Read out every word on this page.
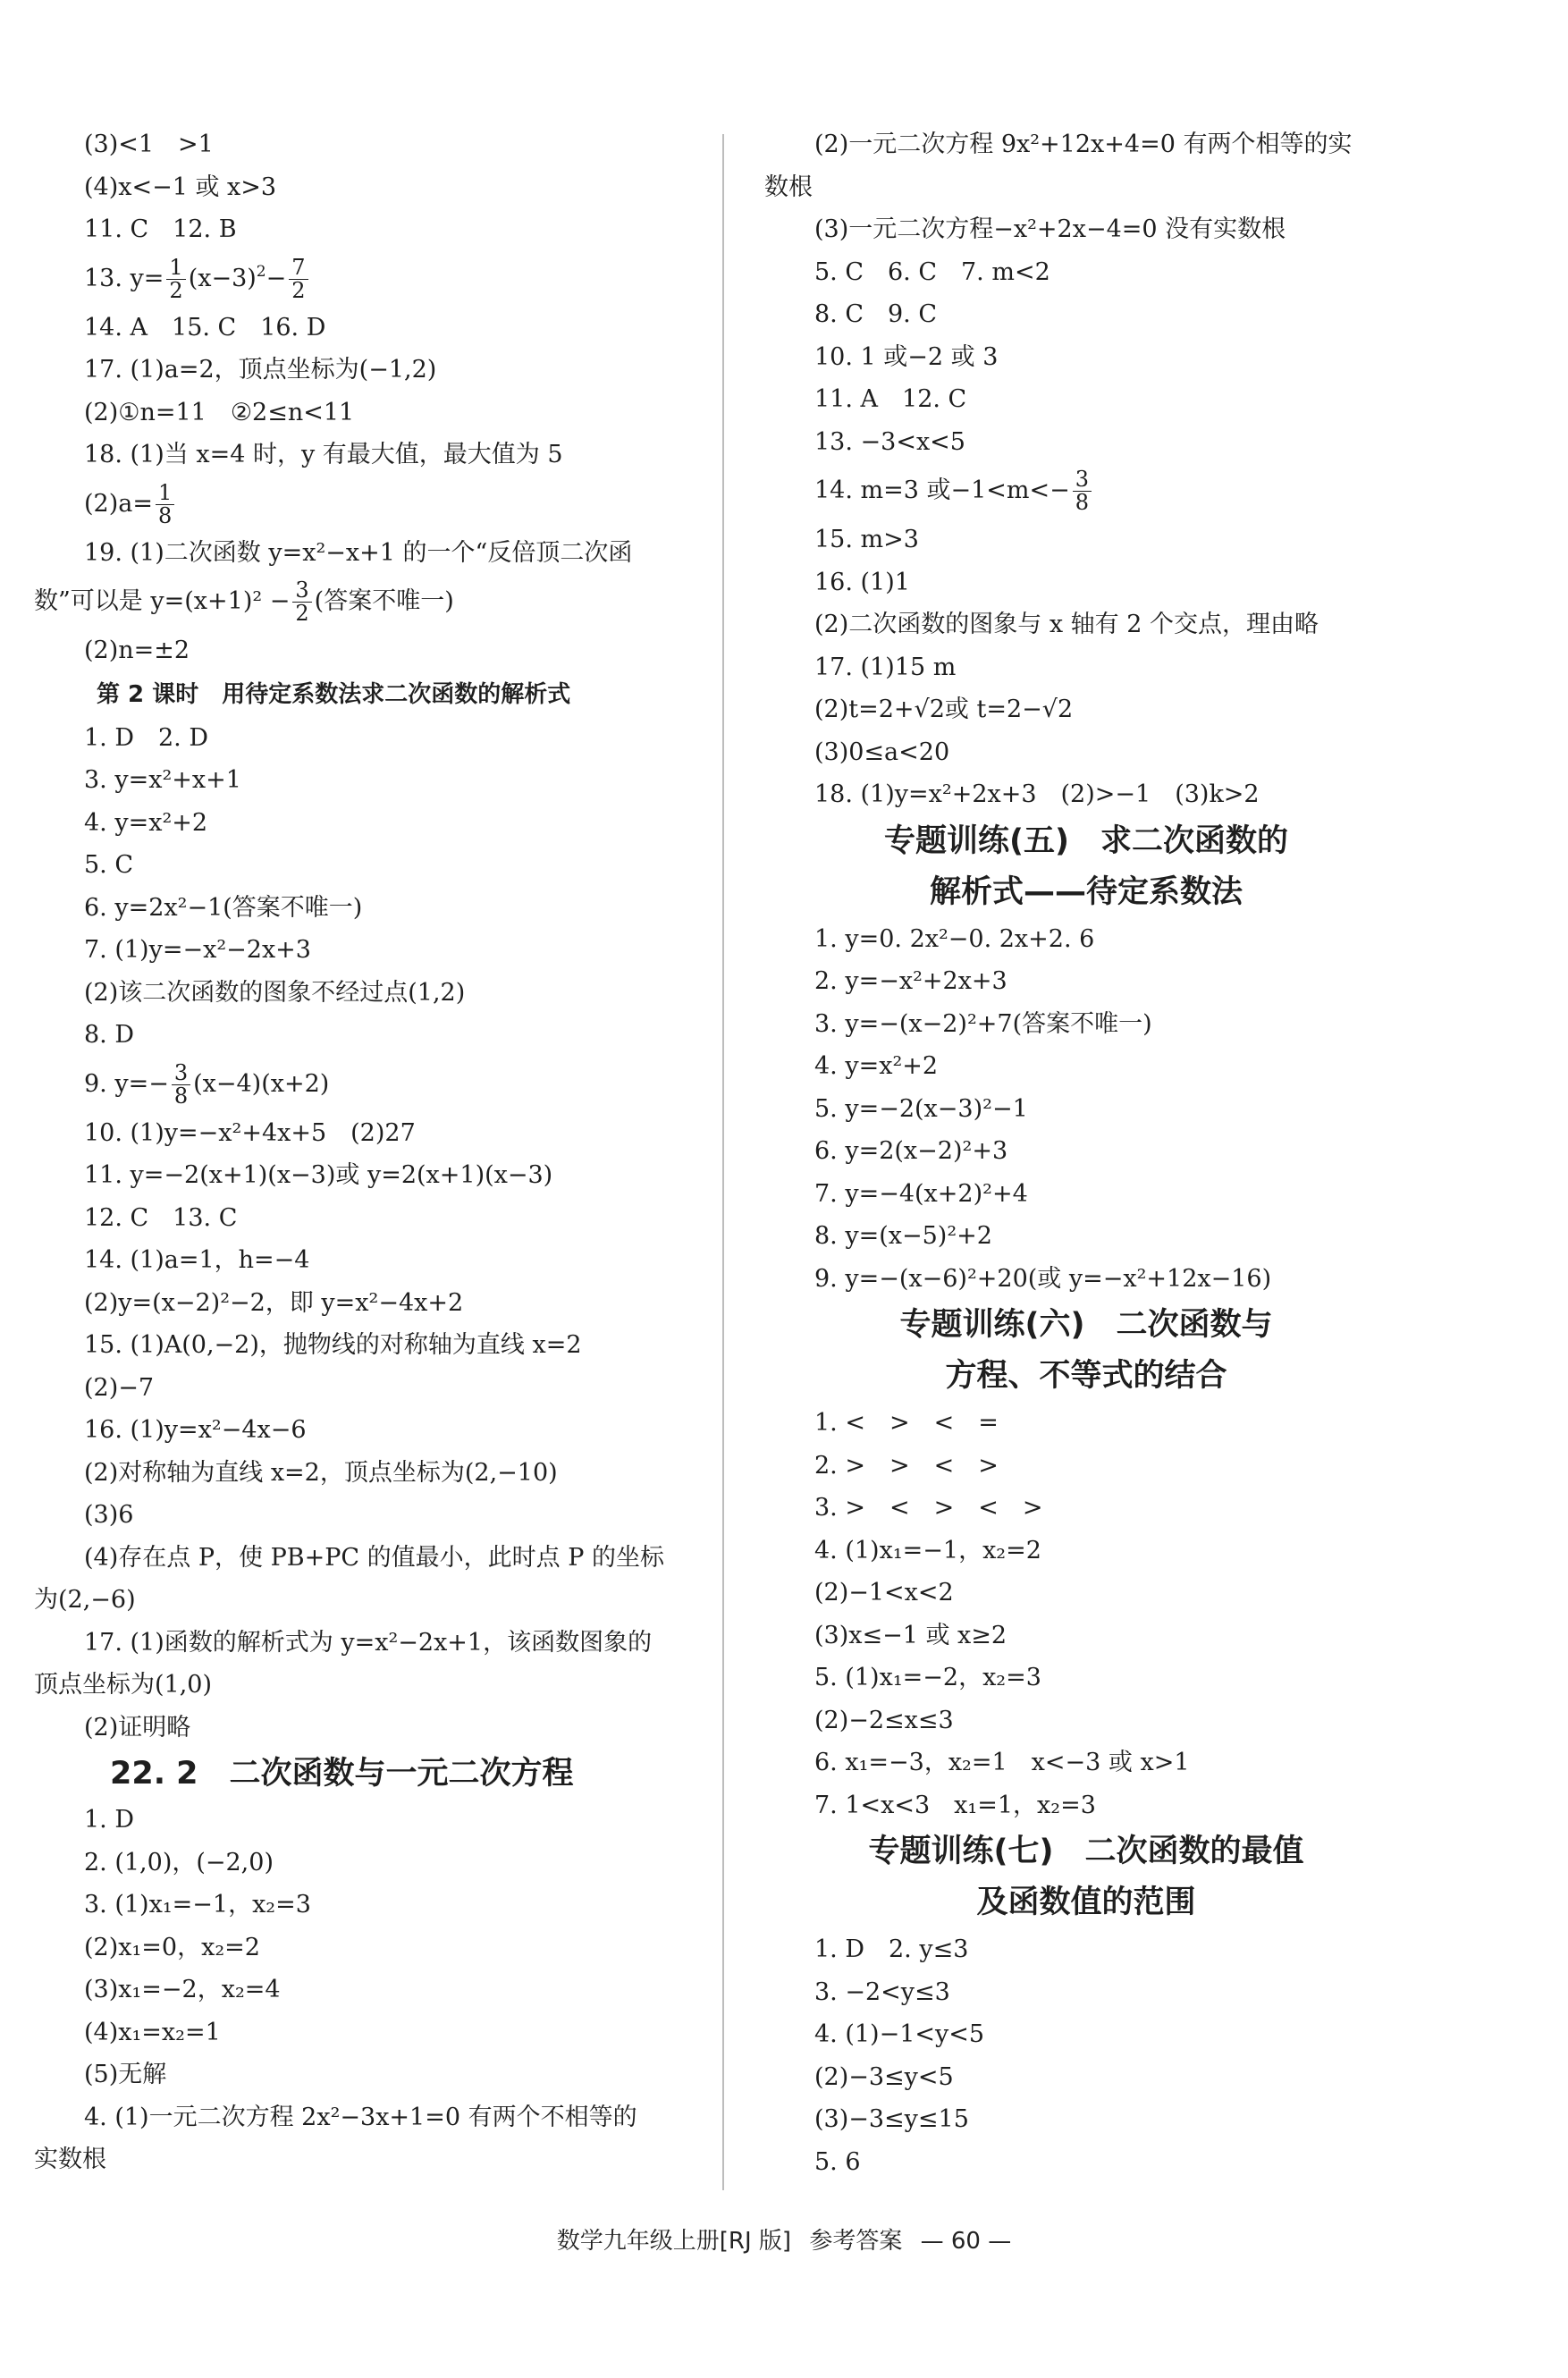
(3)<1　>1
(4)x<−1 或 x>3
11. C　12. B
13. $y= \frac{1}{2} (x-3)^2- \frac{7}{2}$
14. A　15. C　16. D
17. (1)a=2，顶点坐标为(−1,2)
(2)①n=11　②2≤n<11
18. (1)当 x=4 时，y 有最大值，最大值为 5
$(2)a= \frac{1}{8}$
19. (1)二次函数 y=x²−x+1 的一个“反倍顶二次函
数”可以是 $y=(x+1)^2 - \frac{3}{2}$ (答案不唯一)
(2)n=±2
第 2 课时　用待定系数法求二次函数的解析式
1. D　2. D
3. y=x²+x+1
4. y=x²+2
5. C
6. y=2x²−1(答案不唯一)
7. (1)y=−x²−2x+3
(2)该二次函数的图象不经过点(1,2)
8. D
9. $y=- \frac{3}{8} (x-4)(x+2)$
10. (1)y=−x²+4x+5　(2)27
11. y=−2(x+1)(x−3)或 y=2(x+1)(x−3)
12. C　13. C
14. (1)a=1，h=−4
(2)y=(x−2)²−2，即 y=x²−4x+2
15. (1)A(0,−2)，抛物线的对称轴为直线 x=2
(2)−7
16. (1)y=x²−4x−6
(2)对称轴为直线 x=2，顶点坐标为(2,−10)
(3)6
(4)存在点 P，使 PB+PC 的值最小，此时点 P 的坐标
为(2,−6)
17. (1)函数的解析式为 y=x²−2x+1，该函数图象的
顶点坐标为(1,0)
(2)证明略
22. 2　二次函数与一元二次方程
1. D
2. (1,0)，(−2,0)
3. (1)x₁=−1，x₂=3
(2)x₁=0，x₂=2
(3)x₁=−2，x₂=4
(4)x₁=x₂=1
(5)无解
4. (1)一元二次方程 2x²−3x+1=0 有两个不相等的
实数根
(2)一元二次方程 9x²+12x+4=0 有两个相等的实
数根
(3)一元二次方程−x²+2x−4=0 没有实数根
5. C　6. C　7. m<2
8. C　9. C
10. 1 或−2 或 3
11. A　12. C
13. −3<x<5
14. m=3 或$-1<m<- \frac{3}{8}$
15. m>3
16. (1)1
(2)二次函数的图象与 x 轴有 2 个交点，理由略
17. (1)15 m
(2)t=2+√2或 t=2−√2
(3)0≤a<20
18. (1)y=x²+2x+3　(2)>−1　(3)k>2
专题训练(五)　求二次函数的
解析式——待定系数法
1. y=0. 2x²−0. 2x+2. 6
2. y=−x²+2x+3
3. y=−(x−2)²+7(答案不唯一)
4. y=x²+2
5. y=−2(x−3)²−1
6. y=2(x−2)²+3
7. y=−4(x+2)²+4
8. y=(x−5)²+2
9. y=−(x−6)²+20(或 y=−x²+12x−16)
专题训练(六)　二次函数与
方程、不等式的结合
1. <　>　<　=
2. >　>　<　>
3. >　<　>　<　>
4. (1)x₁=−1，x₂=2
(2)−1<x<2
(3)x≤−1 或 x≥2
5. (1)x₁=−2，x₂=3
(2)−2≤x≤3
6. x₁=−3，x₂=1　x<−3 或 x>1
7. 1<x<3　x₁=1，x₂=3
专题训练(七)　二次函数的最值
及函数值的范围
1. D　2. y≤3
3. −2<y≤3
4. (1)−1<y<5
(2)−3≤y<5
(3)−3≤y≤15
5. 6
数学九年级上册[RJ 版] 参考答案 — 60 —
